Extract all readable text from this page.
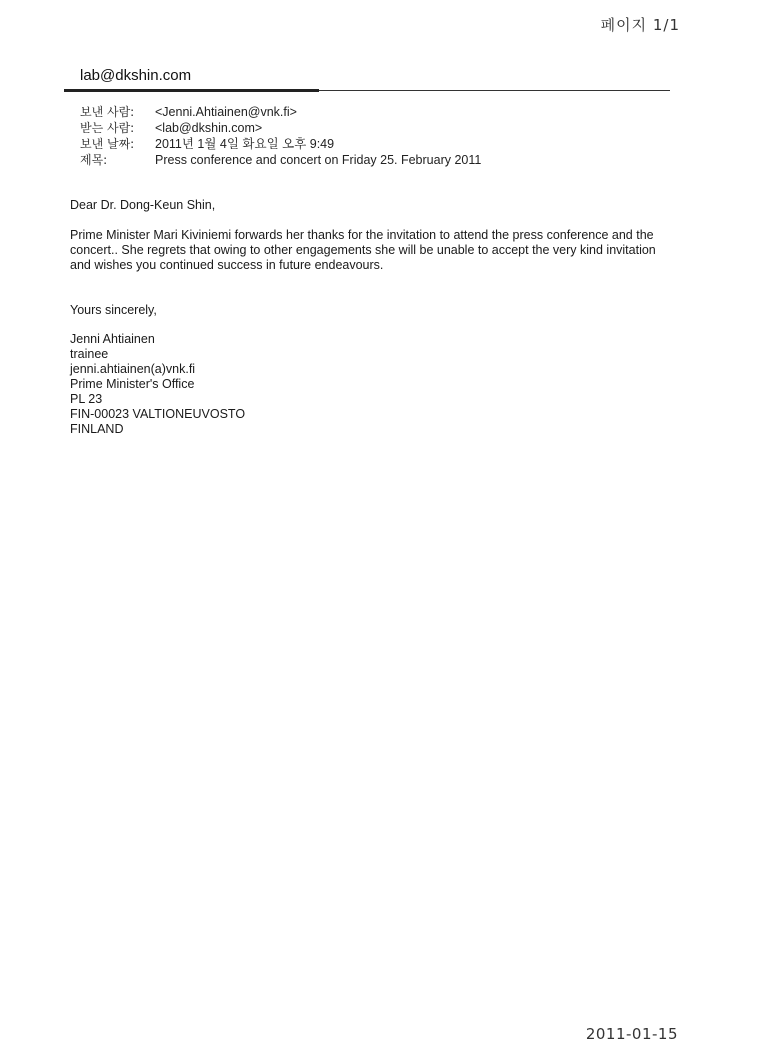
페이지 1/1
lab@dkshin.com
보낸 사람:	<Jenni.Ahtiainen@vnk.fi>
받는 사람:	<lab@dkshin.com>
보낸 날짜:	2011년 1월 4일 화요일 오후 9:49
제목:	Press conference and concert on Friday 25. February 2011
Dear Dr. Dong-Keun Shin,
Prime Minister Mari Kiviniemi forwards her thanks for the invitation to attend the press conference and the concert.. She regrets that owing to other engagements she will be unable to accept the very kind invitation and wishes you continued success in future endeavours.
Yours sincerely,
Jenni Ahtiainen
trainee
jenni.ahtiainen(a)vnk.fi
Prime Minister's Office
PL 23
FIN-00023 VALTIONEUVOSTO
FINLAND
2011-01-15
